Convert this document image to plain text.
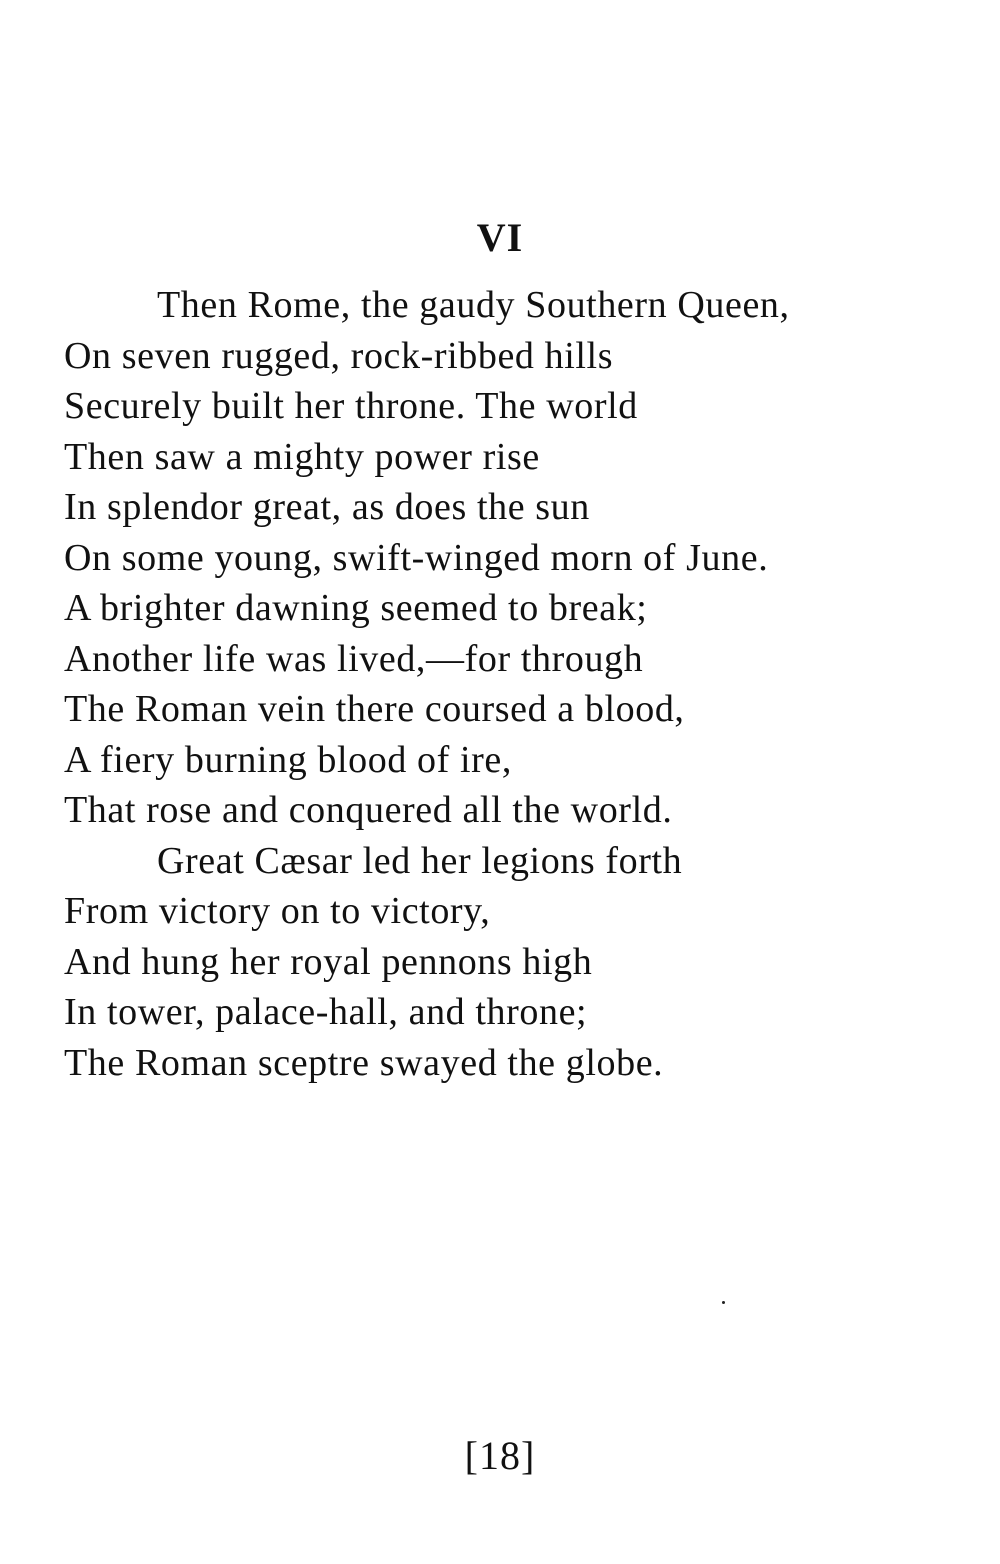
VI
Then Rome, the gaudy Southern Queen,
On seven rugged, rock-ribbed hills
Securely built her throne. The world
Then saw a mighty power rise
In splendor great, as does the sun
On some young, swift-winged morn of June.
A brighter dawning seemed to break;
Another life was lived,—for through
The Roman vein there coursed a blood,
A fiery burning blood of ire,
That rose and conquered all the world.
Great Cæsar led her legions forth
From victory on to victory,
And hung her royal pennons high
In tower, palace-hall, and throne;
The Roman sceptre swayed the globe.
[18]
